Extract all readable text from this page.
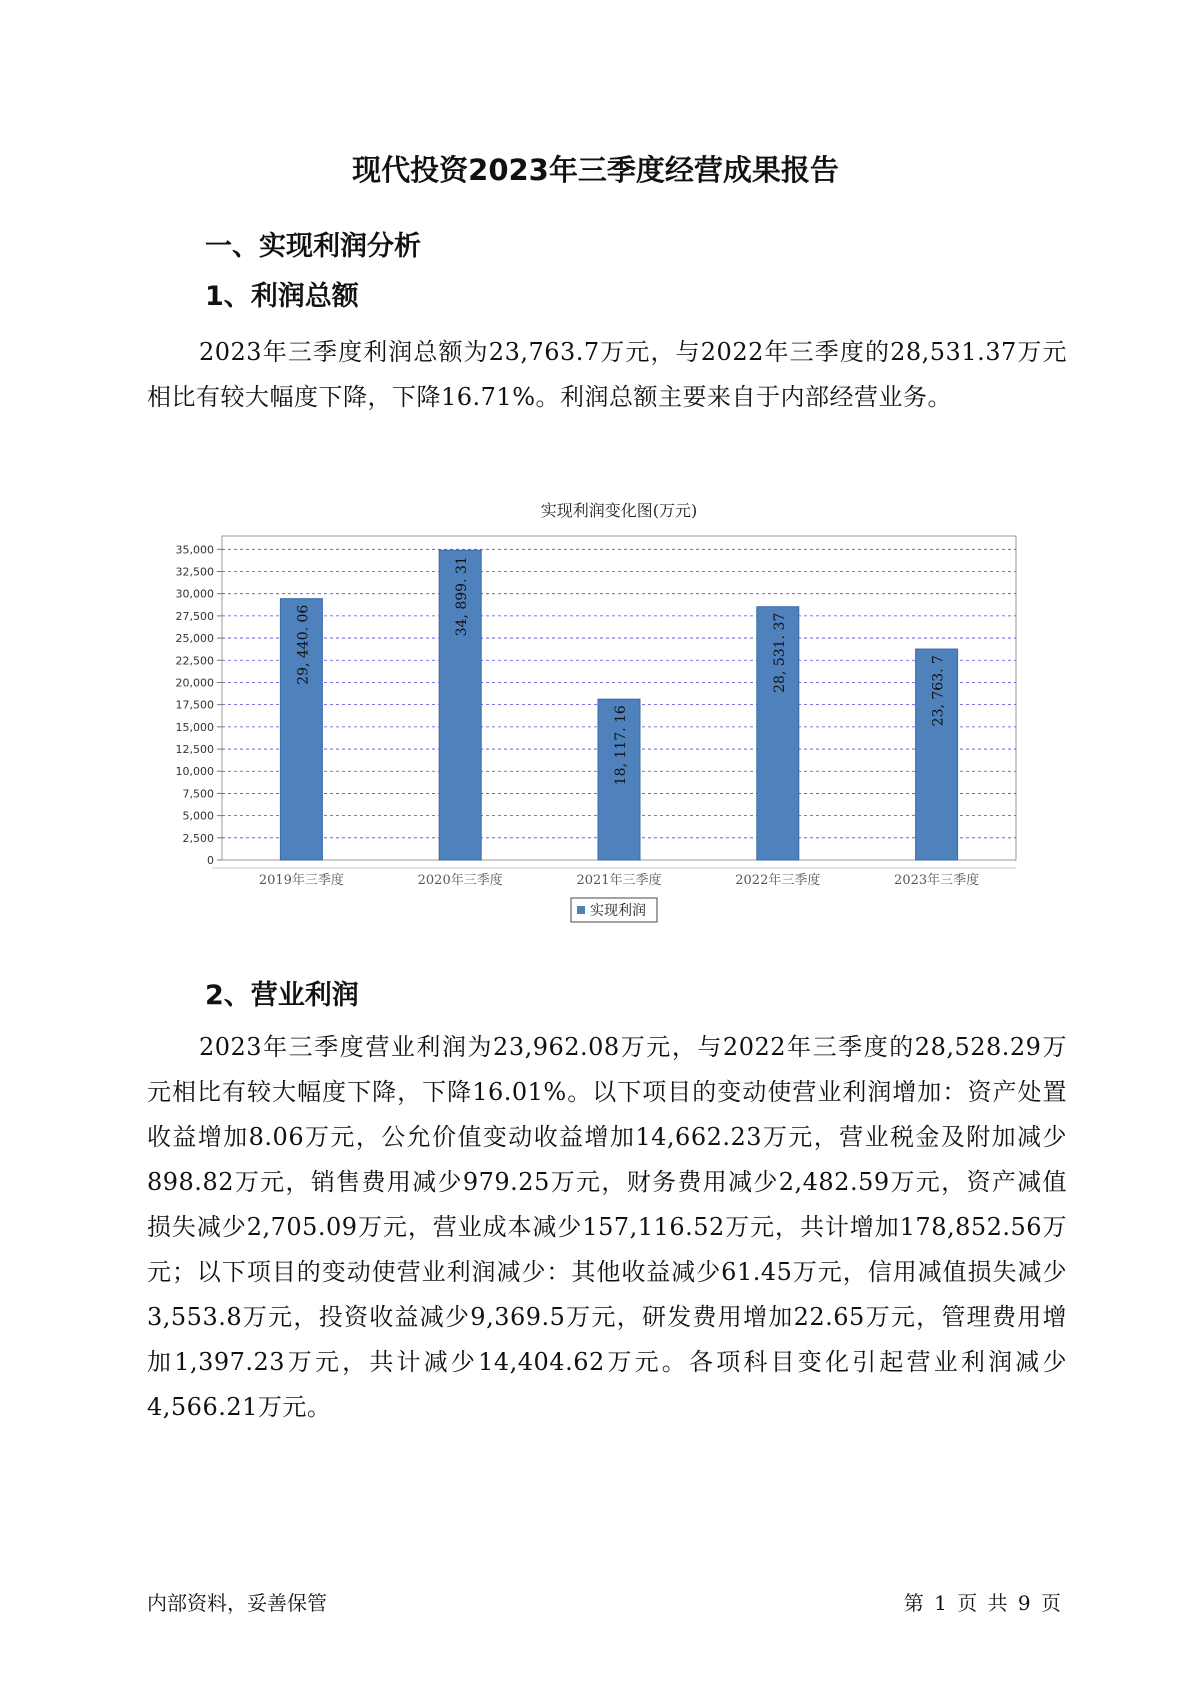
现代投资2023年三季度经营成果报告
一、实现利润分析
1、利润总额
2023年三季度利润总额为23,763.7万元，与2022年三季度的28,531.37万元相比有较大幅度下降，下降16.71%。利润总额主要来自于内部经营业务。
实现利润变化图(万元)
0
2,500
5,000
7,500
10,000
12,500
15,000
17,500
20,000
22,500
25,000
27,500
30,000
32,500
35,000
29, 440. 06
2019年三季度
34, 899. 31
2020年三季度
18, 117. 16
2021年三季度
28, 531. 37
2022年三季度
23, 763. 7
2023年三季度
实现利润
2、营业利润
2023年三季度营业利润为23,962.08万元，与2022年三季度的28,528.29万元相比有较大幅度下降，下降16.01%。以下项目的变动使营业利润增加：资产处置收益增加8.06万元，公允价值变动收益增加14,662.23万元，营业税金及附加减少898.82万元，销售费用减少979.25万元，财务费用减少2,482.59万元，资产减值损失减少2,705.09万元，营业成本减少157,116.52万元，共计增加178,852.56万元；以下项目的变动使营业利润减少：其他收益减少61.45万元，信用减值损失减少3,553.8万元，投资收益减少9,369.5万元，研发费用增加22.65万元，管理费用增加1,397.23万元，共计减少14,404.62万元。各项科目变化引起营业利润减少4,566.21万元。
内部资料，妥善保管	第 1 页 共 9 页
